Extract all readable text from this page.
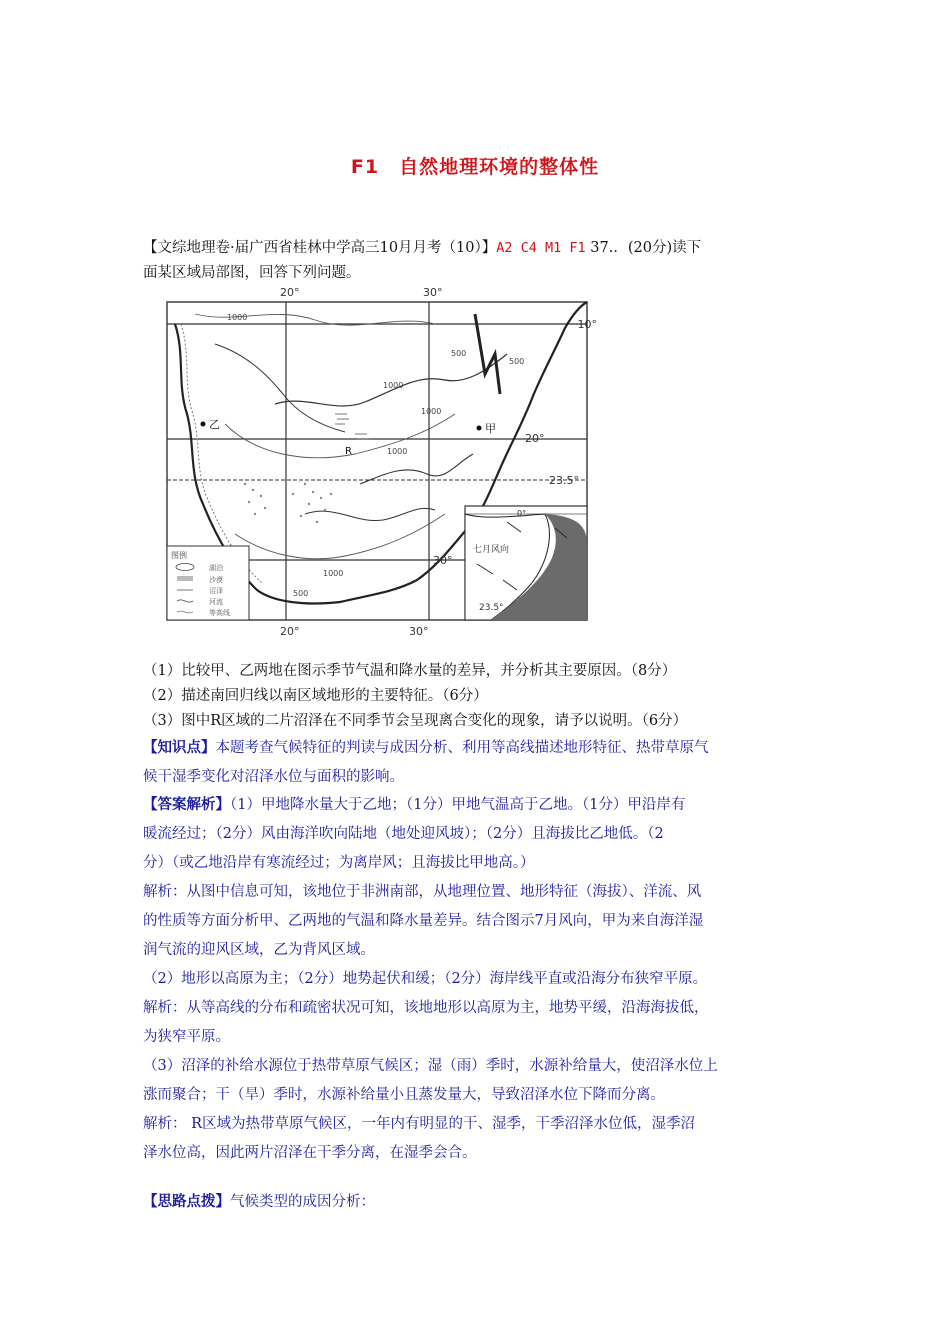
F1　自然地理环境的整体性
【文综地理卷·届广西省桂林中学高三10月月考（10）】A2 C4 M1 F1 37.．(20分)读下
面某区域局部图，回答下列问题。
20°	30°
20°	30°
10°
20°
23.5°
30°
1000
1000
1000
1000
1000
500
500
500
乙
R
甲
图例
湖泊
沙漠
沼泽
河流
等高线
0°
七月风向
23.5°
（1）比较甲、乙两地在图示季节气温和降水量的差异，并分析其主要原因。（8分）
（2）描述南回归线以南区域地形的主要特征。（6分）
（3）图中R区域的二片沼泽在不同季节会呈现离合变化的现象，请予以说明。（6分）
【知识点】本题考查气候特征的判读与成因分析、利用等高线描述地形特征、热带草原气
候干湿季变化对沼泽水位与面积的影响。
【答案解析】（1）甲地降水量大于乙地；（1分）甲地气温高于乙地。（1分）甲沿岸有
暖流经过；（2分）风由海洋吹向陆地（地处迎风坡）；（2分）且海拔比乙地低。（2
分）（或乙地沿岸有寒流经过；为离岸风；且海拔比甲地高。）
解析：从图中信息可知，该地位于非洲南部，从地理位置、地形特征（海拔）、洋流、风
的性质等方面分析甲、乙两地的气温和降水量差异。结合图示7月风向，甲为来自海洋湿
润气流的迎风区域，乙为背风区域。
（2）地形以高原为主；（2分）地势起伏和缓；（2分）海岸线平直或沿海分布狭窄平原。
解析：从等高线的分布和疏密状况可知，该地地形以高原为主，地势平缓，沿海海拔低，
为狭窄平原。
（3）沼泽的补给水源位于热带草原气候区；湿（雨）季时，水源补给量大，使沼泽水位上
涨而聚合；干（旱）季时，水源补给量小且蒸发量大，导致沼泽水位下降而分离。
解析： R区域为热带草原气候区，一年内有明显的干、湿季，干季沼泽水位低，湿季沼
泽水位高，因此两片沼泽在干季分离，在湿季会合。
【思路点拨】气候类型的成因分析：
